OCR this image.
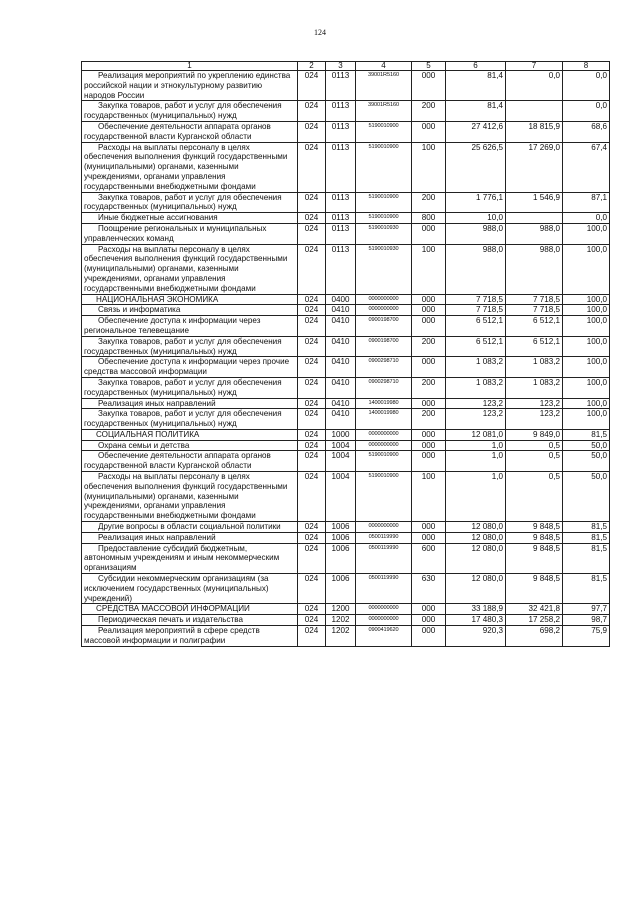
124
1	2	3	4	5	6	7	8
Реализация мероприятий по укреплению единства российской нации и этнокультурному развитию народов России	024	0113	39001R5160	000	81,4	0,0	0,0
Закупка товаров, работ и услуг для обеспечения государственных (муниципальных) нужд	024	0113	39001R5160	200	81,4		0,0
Обеспечение деятельности аппарата органов государственной власти Курганской области	024	0113	5190010900	000	27 412,6	18 815,9	68,6
Расходы на выплаты персоналу в целях обеспечения выполнения функций государственными (муниципальными) органами, казенными учреждениями, органами управления государственными внебюджетными фондами	024	0113	5190010900	100	25 626,5	17 269,0	67,4
Закупка товаров, работ и услуг для обеспечения государственных (муниципальных) нужд	024	0113	5190010900	200	1 776,1	1 546,9	87,1
Иные бюджетные ассигнования	024	0113	5190010900	800	10,0		0,0
Поощрение региональных и муниципальных управленческих команд	024	0113	5190010930	000	988,0	988,0	100,0
Расходы на выплаты персоналу в целях обеспечения выполнения функций государственными (муниципальными) органами, казенными учреждениями, органами управления государственными внебюджетными фондами	024	0113	5190010930	100	988,0	988,0	100,0
НАЦИОНАЛЬНАЯ ЭКОНОМИКА	024	0400	0000000000	000	7 718,5	7 718,5	100,0
Связь и информатика	024	0410	0000000000	000	7 718,5	7 718,5	100,0
Обеспечение доступа к информации через региональное телевещание	024	0410	0900198700	000	6 512,1	6 512,1	100,0
Закупка товаров, работ и услуг для обеспечения государственных (муниципальных) нужд	024	0410	0900198700	200	6 512,1	6 512,1	100,0
Обеспечение доступа к информации через прочие средства массовой информации	024	0410	0900298710	000	1 083,2	1 083,2	100,0
Закупка товаров, работ и услуг для обеспечения государственных (муниципальных) нужд	024	0410	0900298710	200	1 083,2	1 083,2	100,0
Реализация иных направлений	024	0410	1400019980	000	123,2	123,2	100,0
Закупка товаров, работ и услуг для обеспечения государственных (муниципальных) нужд	024	0410	1400019980	200	123,2	123,2	100,0
СОЦИАЛЬНАЯ ПОЛИТИКА	024	1000	0000000000	000	12 081,0	9 849,0	81,5
Охрана семьи и детства	024	1004	0000000000	000	1,0	0,5	50,0
Обеспечение деятельности аппарата органов государственной власти Курганской области	024	1004	5190010900	000	1,0	0,5	50,0
Расходы на выплаты персоналу в целях обеспечения выполнения функций государственными (муниципальными) органами, казенными учреждениями, органами управления государственными внебюджетными фондами	024	1004	5190010900	100	1,0	0,5	50,0
Другие вопросы в области социальной политики	024	1006	0000000000	000	12 080,0	9 848,5	81,5
Реализация иных направлений	024	1006	0500119990	000	12 080,0	9 848,5	81,5
Предоставление субсидий бюджетным, автономным учреждениям и иным некоммерческим организациям	024	1006	0500119990	600	12 080,0	9 848,5	81,5
Субсидии некоммерческим организациям (за исключением государственных (муниципальных) учреждений)	024	1006	0500119990	630	12 080,0	9 848,5	81,5
СРЕДСТВА МАССОВОЙ ИНФОРМАЦИИ	024	1200	0000000000	000	33 188,9	32 421,8	97,7
Периодическая печать и издательства	024	1202	0000000000	000	17 480,3	17 258,2	98,7
Реализация мероприятий в сфере средств массовой информации и полиграфии	024	1202	0900419620	000	920,3	698,2	75,9
